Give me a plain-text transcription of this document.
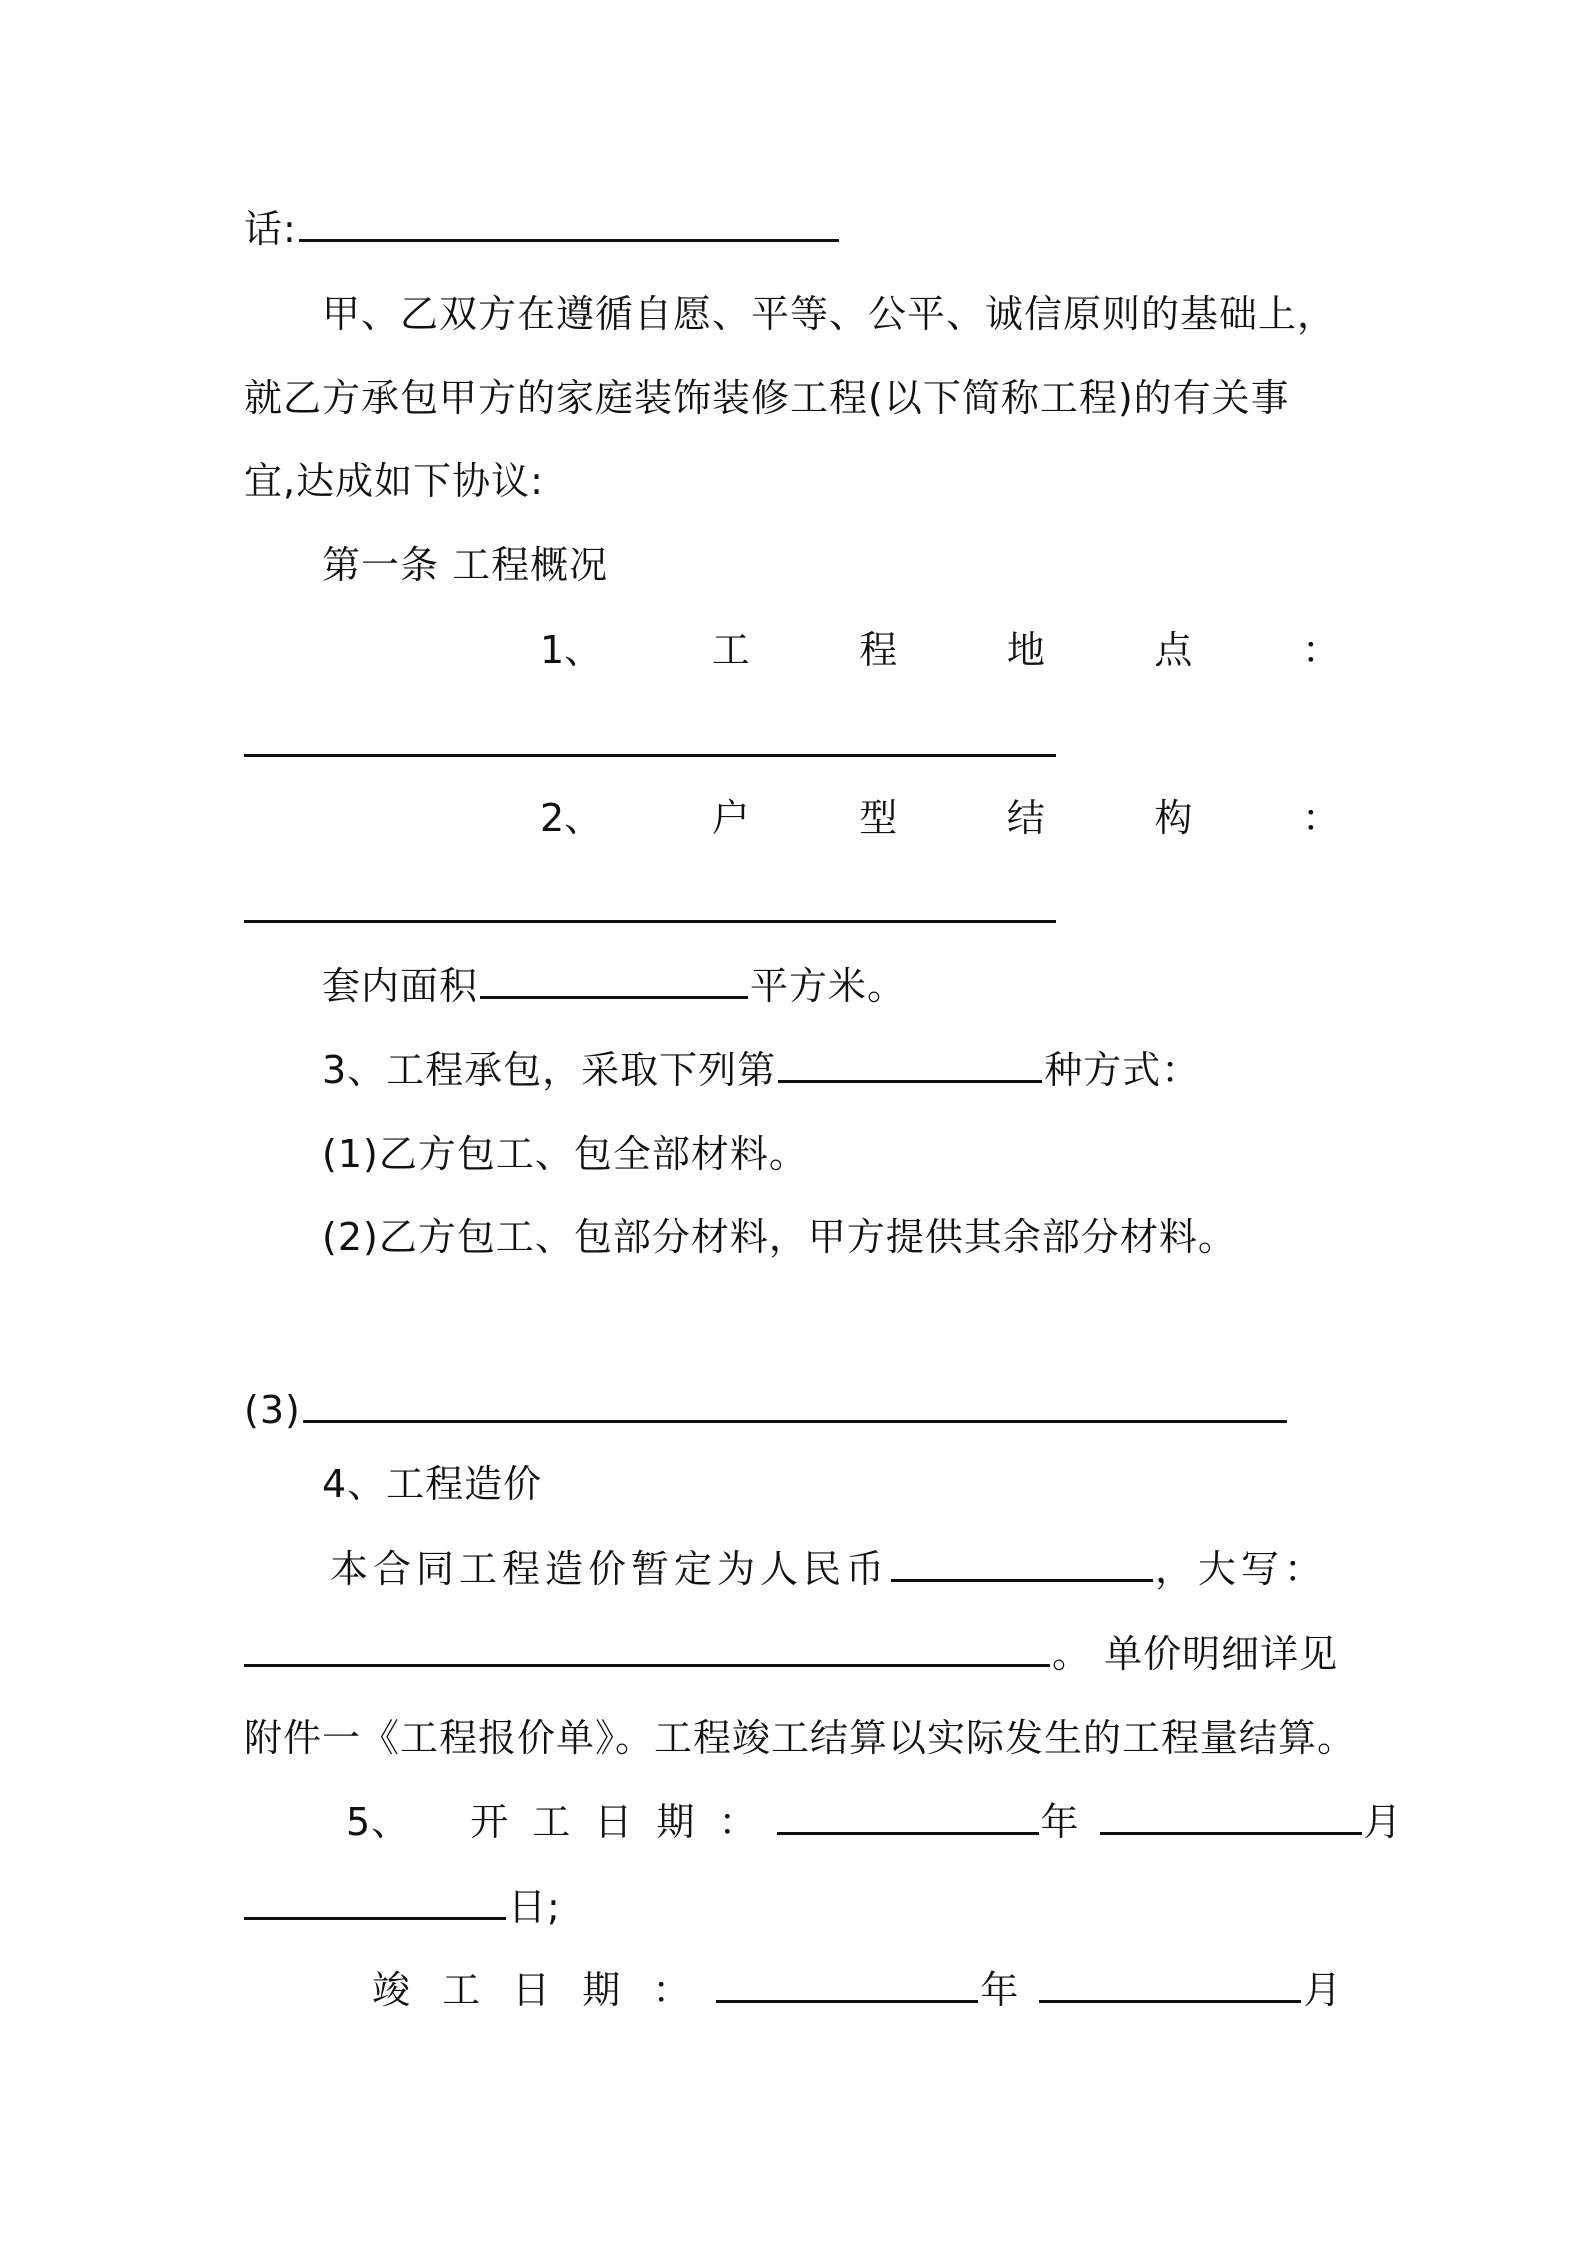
话:
甲、乙双方在遵循自愿、平等、公平、诚信原则的基础上，
就乙方承包甲方的家庭装饰装修工程(以下简称工程)的有关事
宜,达成如下协议:
第一条 工程概况
1、	工	程	地	点	：
2、	户	型	结	构	：
套内面积	平方米。
3、工程承包，采取下列第	种方式：
(1)乙方包工、包全部材料。
(2)乙方包工、包部分材料，甲方提供其余部分材料。
(3)
4、工程造价
本合同工程造价暂定为人民币	，大写：
。 单价明细详见
附件一《工程报价单》。工程竣工结算以实际发生的工程量结算。
5、 开 工 日 期 ：	年	月
日;
竣 工 日 期 ：	年	月
